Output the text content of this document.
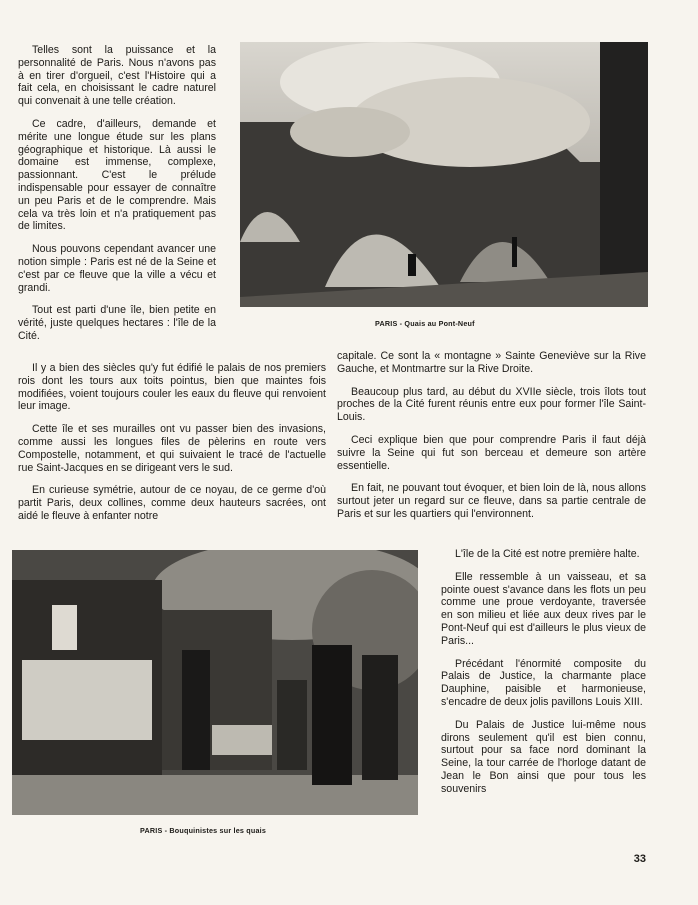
Telles sont la puissance et la personnalité de Paris. Nous n'avons pas à en tirer d'orgueil, c'est l'Histoire qui a fait cela, en choisissant le cadre naturel qui convenait à une telle création.

Ce cadre, d'ailleurs, demande et mérite une longue étude sur les plans géographique et historique. Là aussi le domaine est immense, complexe, passionnant. C'est le prélude indispensable pour essayer de connaître un peu Paris et de le comprendre. Mais cela va très loin et n'a pratiquement pas de limites.

Nous pouvons cependant avancer une notion simple : Paris est né de la Seine et c'est par ce fleuve que la ville a vécu et grandi.

Tout est parti d'une île, bien petite en vérité, juste quelques hectares : l'île de la Cité.

PARIS - Quais au Pont-Neuf

Il y a bien des siècles qu'y fut édifié le palais de nos premiers rois dont les tours aux toits pointus, bien que maintes fois modifiées, voient toujours couler les eaux du fleuve qui renvoient leur image.

Cette île et ses murailles ont vu passer bien des invasions, comme aussi les longues files de pèlerins en route vers Compostelle, notamment, et qui suivaient le tracé de l'actuelle rue Saint-Jacques en se dirigeant vers le sud.

En curieuse symétrie, autour de ce noyau, de ce germe d'où partit Paris, deux collines, comme deux hauteurs sacrées, ont aidé le fleuve à enfanter notre

capitale. Ce sont la « montagne » Sainte Geneviève sur la Rive Gauche, et Montmartre sur la Rive Droite.

Beaucoup plus tard, au début du XVIIe siècle, trois îlots tout proches de la Cité furent réunis entre eux pour former l'île Saint-Louis.

Ceci explique bien que pour comprendre Paris il faut déjà suivre la Seine qui fut son berceau et demeure son artère essentielle.

En fait, ne pouvant tout évoquer, et bien loin de là, nous allons surtout jeter un regard sur ce fleuve, dans sa partie centrale de Paris et sur les quartiers qui l'environnent.

PARIS - Bouquinistes sur les quais

L'île de la Cité est notre première halte.

Elle ressemble à un vaisseau, et sa pointe ouest s'avance dans les flots un peu comme une proue verdoyante, traversée en son milieu et liée aux deux rives par le Pont-Neuf qui est d'ailleurs le plus vieux de Paris...

Précédant l'énormité composite du Palais de Justice, la charmante place Dauphine, paisible et harmonieuse, s'encadre de deux jolis pavillons Louis XIII.

Du Palais de Justice lui-même nous dirons seulement qu'il est bien connu, surtout pour sa face nord dominant la Seine, la tour carrée de l'horloge datant de Jean le Bon ainsi que pour tous les souvenirs

33
